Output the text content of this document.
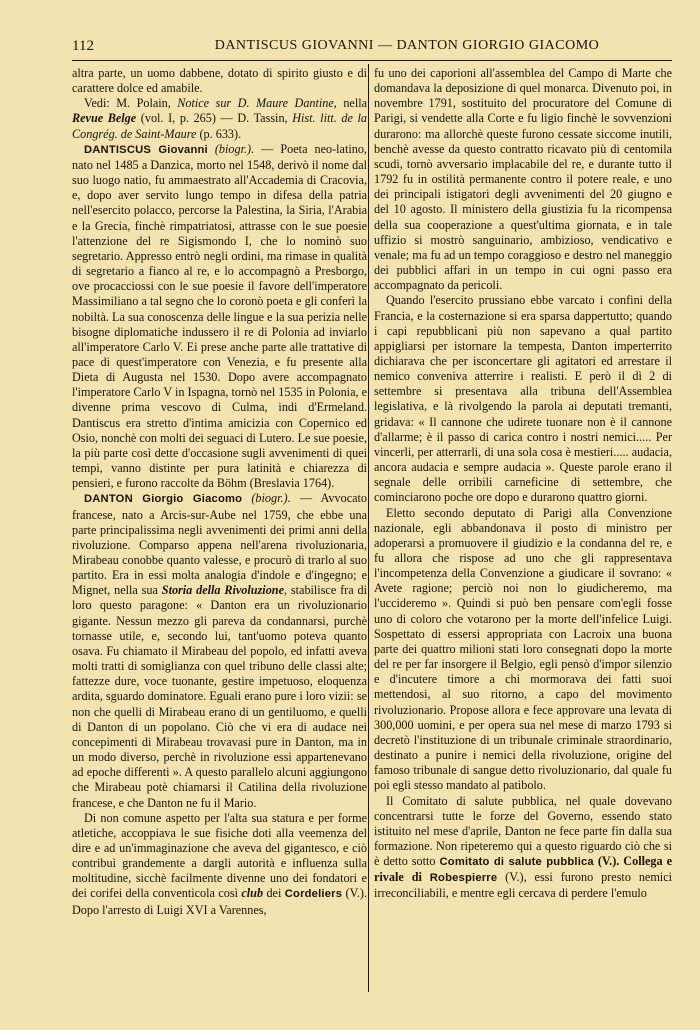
112	DANTISCUS GIOVANNI — DANTON GIORGIO GIACOMO

altra parte, un uomo dabbene, dotato di spirito giusto e di carattere dolce ed amabile.

Vedi: M. Polain, Notice sur D. Maure Dantine, nella Revue Belge (vol. I, p. 265) — D. Tassin, Hist. litt. de la Congrég. de Saint-Maure (p. 633).

DANTISCUS Giovanni (biogr.). — Poeta neo-latino, nato nel 1485 a Danzica, morto nel 1548, derivò il nome dal suo luogo natio, fu ammaestrato all'Accademia di Cracovia, e, dopo aver servito lungo tempo in difesa della patria nell'esercito polacco, percorse la Palestina, la Siria, l'Arabia e la Grecia, finchè rimpatriatosi, attrasse con le sue poesie l'attenzione del re Sigismondo I, che lo nominò suo segretario. Appresso entrò negli ordini, ma rimase in qualità di segretario a fianco al re, e lo accompagnò a Presborgo, ove procacciossi con le sue poesie il favore dell'imperatore Massimiliano a tal segno che lo coronò poeta e gli conferì la nobiltà. La sua conoscenza delle lingue e la sua perizia nelle bisogne diplomatiche indussero il re di Polonia ad inviarlo all'imperatore Carlo V. Ei prese anche parte alle trattative di pace di quest'imperatore con Venezia, e fu presente alla Dieta di Augusta nel 1530. Dopo avere accompagnato l'imperatore Carlo V in Ispagna, tornò nel 1535 in Polonia, e divenne prima vescovo di Culma, indi d'Ermeland. Dantiscus era stretto d'intima amicizia con Copernico ed Osio, nonchè con molti dei seguaci di Lutero. Le sue poesie, la più parte così dette d'occasione sugli avvenimenti di quei tempi, vanno distinte per pura latinità e chiarezza di pensieri, e furono raccolte da Böhm (Breslavia 1764).

DANTON Giorgio Giacomo (biogr.). — Avvocato francese, nato a Arcis-sur-Aube nel 1759, che ebbe una parte principalissima negli avvenimenti dei primi anni della rivoluzione. Comparso appena nell'arena rivoluzionaria, Mirabeau conobbe quanto valesse, e procurò di trarlo al suo partito. Era in essi molta analogia d'indole e d'ingegno; e Mignet, nella sua Storia della Rivoluzione, stabilisce fra di loro questo paragone: « Danton era un rivoluzionario gigante. Nessun mezzo gli pareva da condannarsi, purchè tornasse utile, e, secondo lui, tant'uomo poteva quanto osava. Fu chiamato il Mirabeau del popolo, ed infatti aveva molti tratti di somiglianza con quel tribuno delle classi alte; fattezze dure, voce tuonante, gestire impetuoso, eloquenza ardita, sguardo dominatore. Eguali erano pure i loro vizii: se non che quelli di Mirabeau erano di un gentiluomo, e quelli di Danton di un popolano. Ciò che vi era di audace nei concepimenti di Mirabeau trovavasi pure in Danton, ma in un modo diverso, perchè in rivoluzione essi appartenevano ad epoche differenti ». A questo parallelo alcuni aggiungono che Mirabeau potè chiamarsi il Catilina della rivoluzione francese, e che Danton ne fu il Mario.

Di non comune aspetto per l'alta sua statura e per forme atletiche, accoppiava le sue fisiche doti alla veemenza del dire e ad un'immaginazione che aveva del gigantesco, e ciò contribuì grandemente a dargli autorità e influenza sulla moltitudine, sicchè facilmente divenne uno dei fondatori e dei corifei della conventicola così club dei Cordeliers (V.). Dopo l'arresto di Luigi XVI a Varennes,

fu uno dei caporioni all'assemblea del Campo di Marte che domandava la deposizione di quel monarca. Divenuto poi, in novembre 1791, sostituito del procuratore del Comune di Parigi, si vendette alla Corte e fu ligio finchè le sovvenzioni durarono: ma allorchè queste furono cessate siccome inutili, benchè avesse da questo contratto ricavato più di centomila scudi, tornò avversario implacabile del re, e durante tutto il 1792 fu in ostilità permanente contro il potere reale, e uno dei principali istigatori degli avvenimenti del 20 giugno e del 10 agosto. Il ministero della giustizia fu la ricompensa della sua cooperazione a quest'ultima giornata, e in tale uffizio si mostrò sanguinario, ambizioso, vendicativo e venale; ma fu ad un tempo coraggioso e destro nel maneggio dei pubblici affari in un tempo in cui ogni passo era accompagnato da pericoli.

Quando l'esercito prussiano ebbe varcato i confini della Francia, e la costernazione si era sparsa dappertutto; quando i capi repubblicani più non sapevano a qual partito appigliarsi per istornare la tempesta, Danton imperterrito dichiarava che per isconcertare gli agitatori ed arrestare il nemico conveniva atterrire i realisti. E però il dì 2 di settembre si presentava alla tribuna dell'Assemblea legislativa, e là rivolgendo la parola ai deputati tremanti, gridava: « Il cannone che udirete tuonare non è il cannone d'allarme; è il passo di carica contro i nostri nemici..... Per vincerli, per atterrarli, di una sola cosa è mestieri..... audacia, ancora audacia e sempre audacia ». Queste parole erano il segnale delle orribili carneficine di settembre, che cominciarono poche ore dopo e durarono quattro giorni.

Eletto secondo deputato di Parigi alla Convenzione nazionale, egli abbandonava il posto di ministro per adoperarsi a promuovere il giudizio e la condanna del re, e fu allora che rispose ad uno che gli rappresentava l'incompetenza della Convenzione a giudicare il sovrano: « Avete ragione; perciò noi non lo giudicheremo, ma l'uccideremo ». Quindi si può ben pensare com'egli fosse uno di coloro che votarono per la morte dell'infelice Luigi. Sospettato di essersi appropriata con Lacroix una buona parte dei quattro milioni stati loro consegnati dopo la morte del re per far insorgere il Belgio, egli pensò d'impor silenzio e d'incutere timore a chi mormorava dei fatti suoi mettendosi, al suo ritorno, a capo del movimento rivoluzionario. Propose allora e fece approvare una levata di 300,000 uomini, e per opera sua nel mese di marzo 1793 si decretò l'instituzione di un tribunale criminale straordinario, destinato a punire i nemici della rivoluzione, origine del famoso tribunale di sangue detto rivoluzionario, dal quale fu poi egli stesso mandato al patibolo.

Il Comitato di salute pubblica, nel quale dovevano concentrarsi tutte le forze del Governo, essendo stato istituito nel mese d'aprile, Danton ne fece parte fin dalla sua formazione. Non ripeteremo qui a questo riguardo ciò che si è detto sotto Comitato di salute pubblica (V.). Collega e rivale di Robespierre (V.), essi furono presto nemici irreconciliabili, e mentre egli cercava di perdere l'emulo
